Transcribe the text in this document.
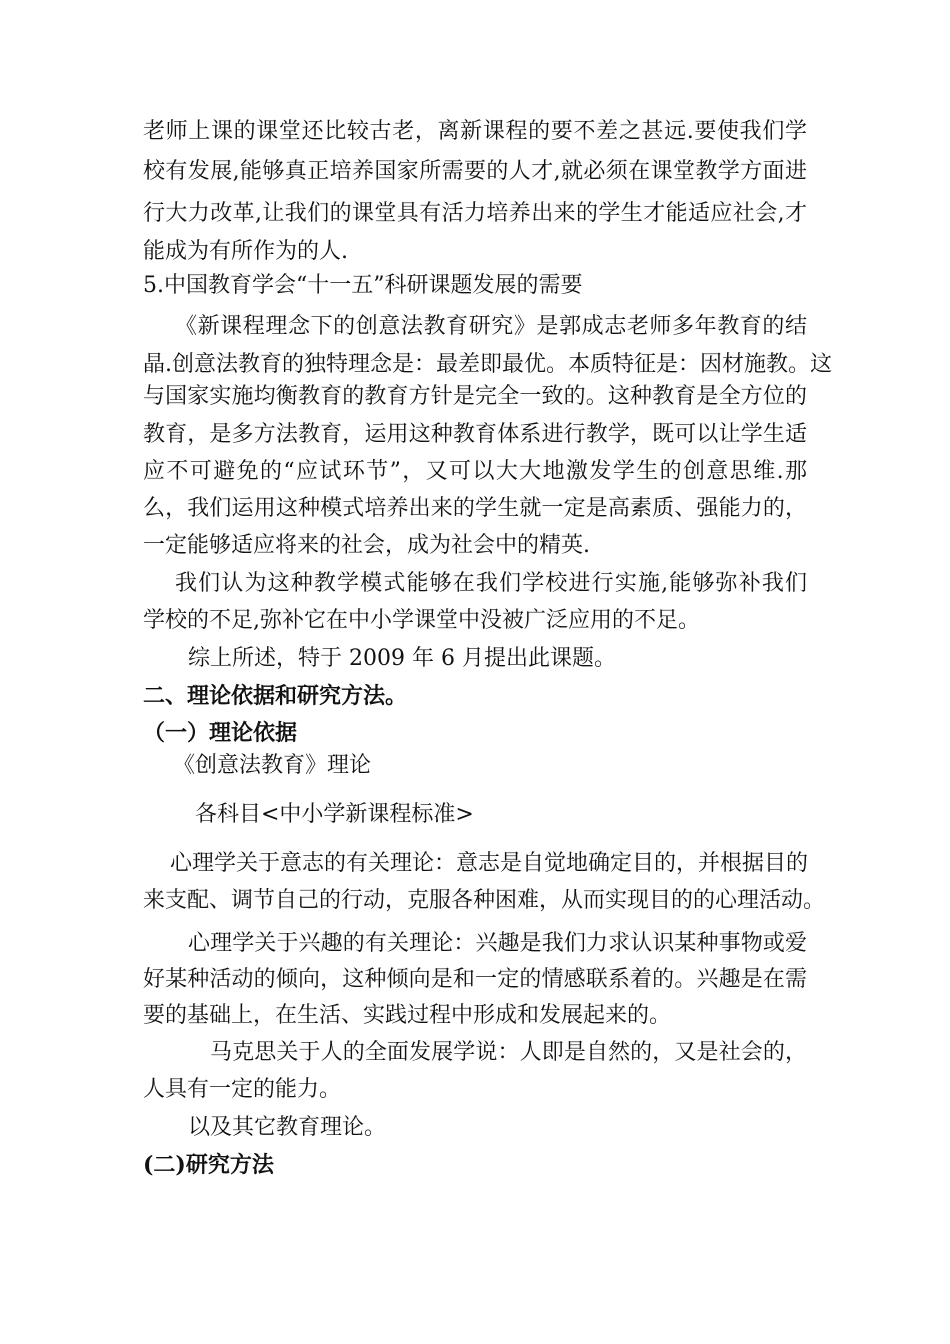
老师上课的课堂还比较古老，离新课程的要不差之甚远.要使我们学

校有发展,能够真正培养国家所需要的人才,就必须在课堂教学方面进

行大力改革,让我们的课堂具有活力培养出来的学生才能适应社会,才

能成为有所作为的人.

5.中国教育学会“十一五”科研课题发展的需要

《新课程理念下的创意法教育研究》是郭成志老师多年教育的结

晶.创意法教育的独特理念是：最差即最优。本质特征是：因材施教。这

与国家实施均衡教育的教育方针是完全一致的。这种教育是全方位的

教育，是多方法教育，运用这种教育体系进行教学，既可以让学生适

应不可避免的“应试环节”，又可以大大地激发学生的创意思维.那

么，我们运用这种模式培养出来的学生就一定是高素质、强能力的，

一定能够适应将来的社会，成为社会中的精英.

我们认为这种教学模式能够在我们学校进行实施,能够弥补我们

学校的不足,弥补它在中小学课堂中没被广泛应用的不足。

综上所述，特于 2009 年 6 月提出此课题。

二、理论依据和研究方法。

（一）理论依据

《创意法教育》理论

各科目<中小学新课程标准>

心理学关于意志的有关理论：意志是自觉地确定目的，并根据目的

来支配、调节自己的行动，克服各种困难，从而实现目的的心理活动。

心理学关于兴趣的有关理论：兴趣是我们力求认识某种事物或爱

好某种活动的倾向，这种倾向是和一定的情感联系着的。兴趣是在需

要的基础上，在生活、实践过程中形成和发展起来的。

马克思关于人的全面发展学说：人即是自然的，又是社会的，

人具有一定的能力。

以及其它教育理论。

(二)研究方法
